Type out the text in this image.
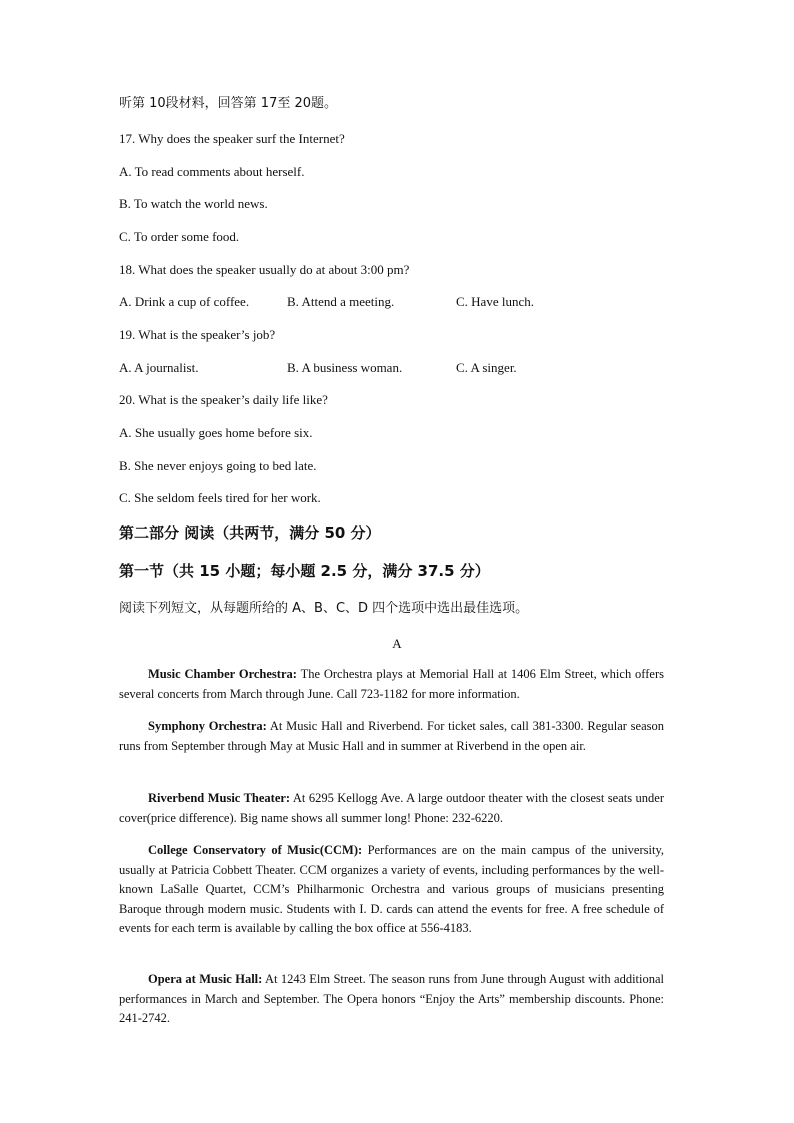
听第 10段材料，回答第 17至 20题。

17. Why does the speaker surf the Internet?

A. To read comments about herself.

B. To watch the world news.

C. To order some food.

18. What does the speaker usually do at about 3:00 pm?

A. Drink a cup of coffee.	B. Attend a meeting.	C. Have lunch.

19. What is the speaker’s job?

A. A journalist.	B. A business woman.	C. A singer.

20. What is the speaker’s daily life like?

A. She usually goes home before six.

B. She never enjoys going to bed late.

C. She seldom feels tired for her work.

第二部分 阅读（共两节，满分 50 分）

第一节（共 15 小题；每小题 2.5 分，满分 37.5 分）

阅读下列短文，从每题所给的 A、B、C、D 四个选项中选出最佳选项。

A

Music Chamber Orchestra: The Orchestra plays at Memorial Hall at 1406 Elm Street, which offers several concerts from March through June. Call 723-1182 for more information.

Symphony Orchestra: At Music Hall and Riverbend. For ticket sales, call 381-3300. Regular season runs from September through May at Music Hall and in summer at Riverbend in the open air.

Riverbend Music Theater: At 6295 Kellogg Ave. A large outdoor theater with the closest seats under cover(price difference). Big name shows all summer long! Phone: 232-6220.

College Conservatory of Music(CCM): Performances are on the main campus of the university, usually at Patricia Cobbett Theater. CCM organizes a variety of events, including performances by the well-known LaSalle Quartet, CCM’s Philharmonic Orchestra and various groups of musicians presenting Baroque through modern music. Students with I. D. cards can attend the events for free. A free schedule of events for each term is available by calling the box office at 556-4183.

Opera at Music Hall: At 1243 Elm Street. The season runs from June through August with additional performances in March and September. The Opera honors “Enjoy the Arts” membership discounts. Phone: 241-2742.
